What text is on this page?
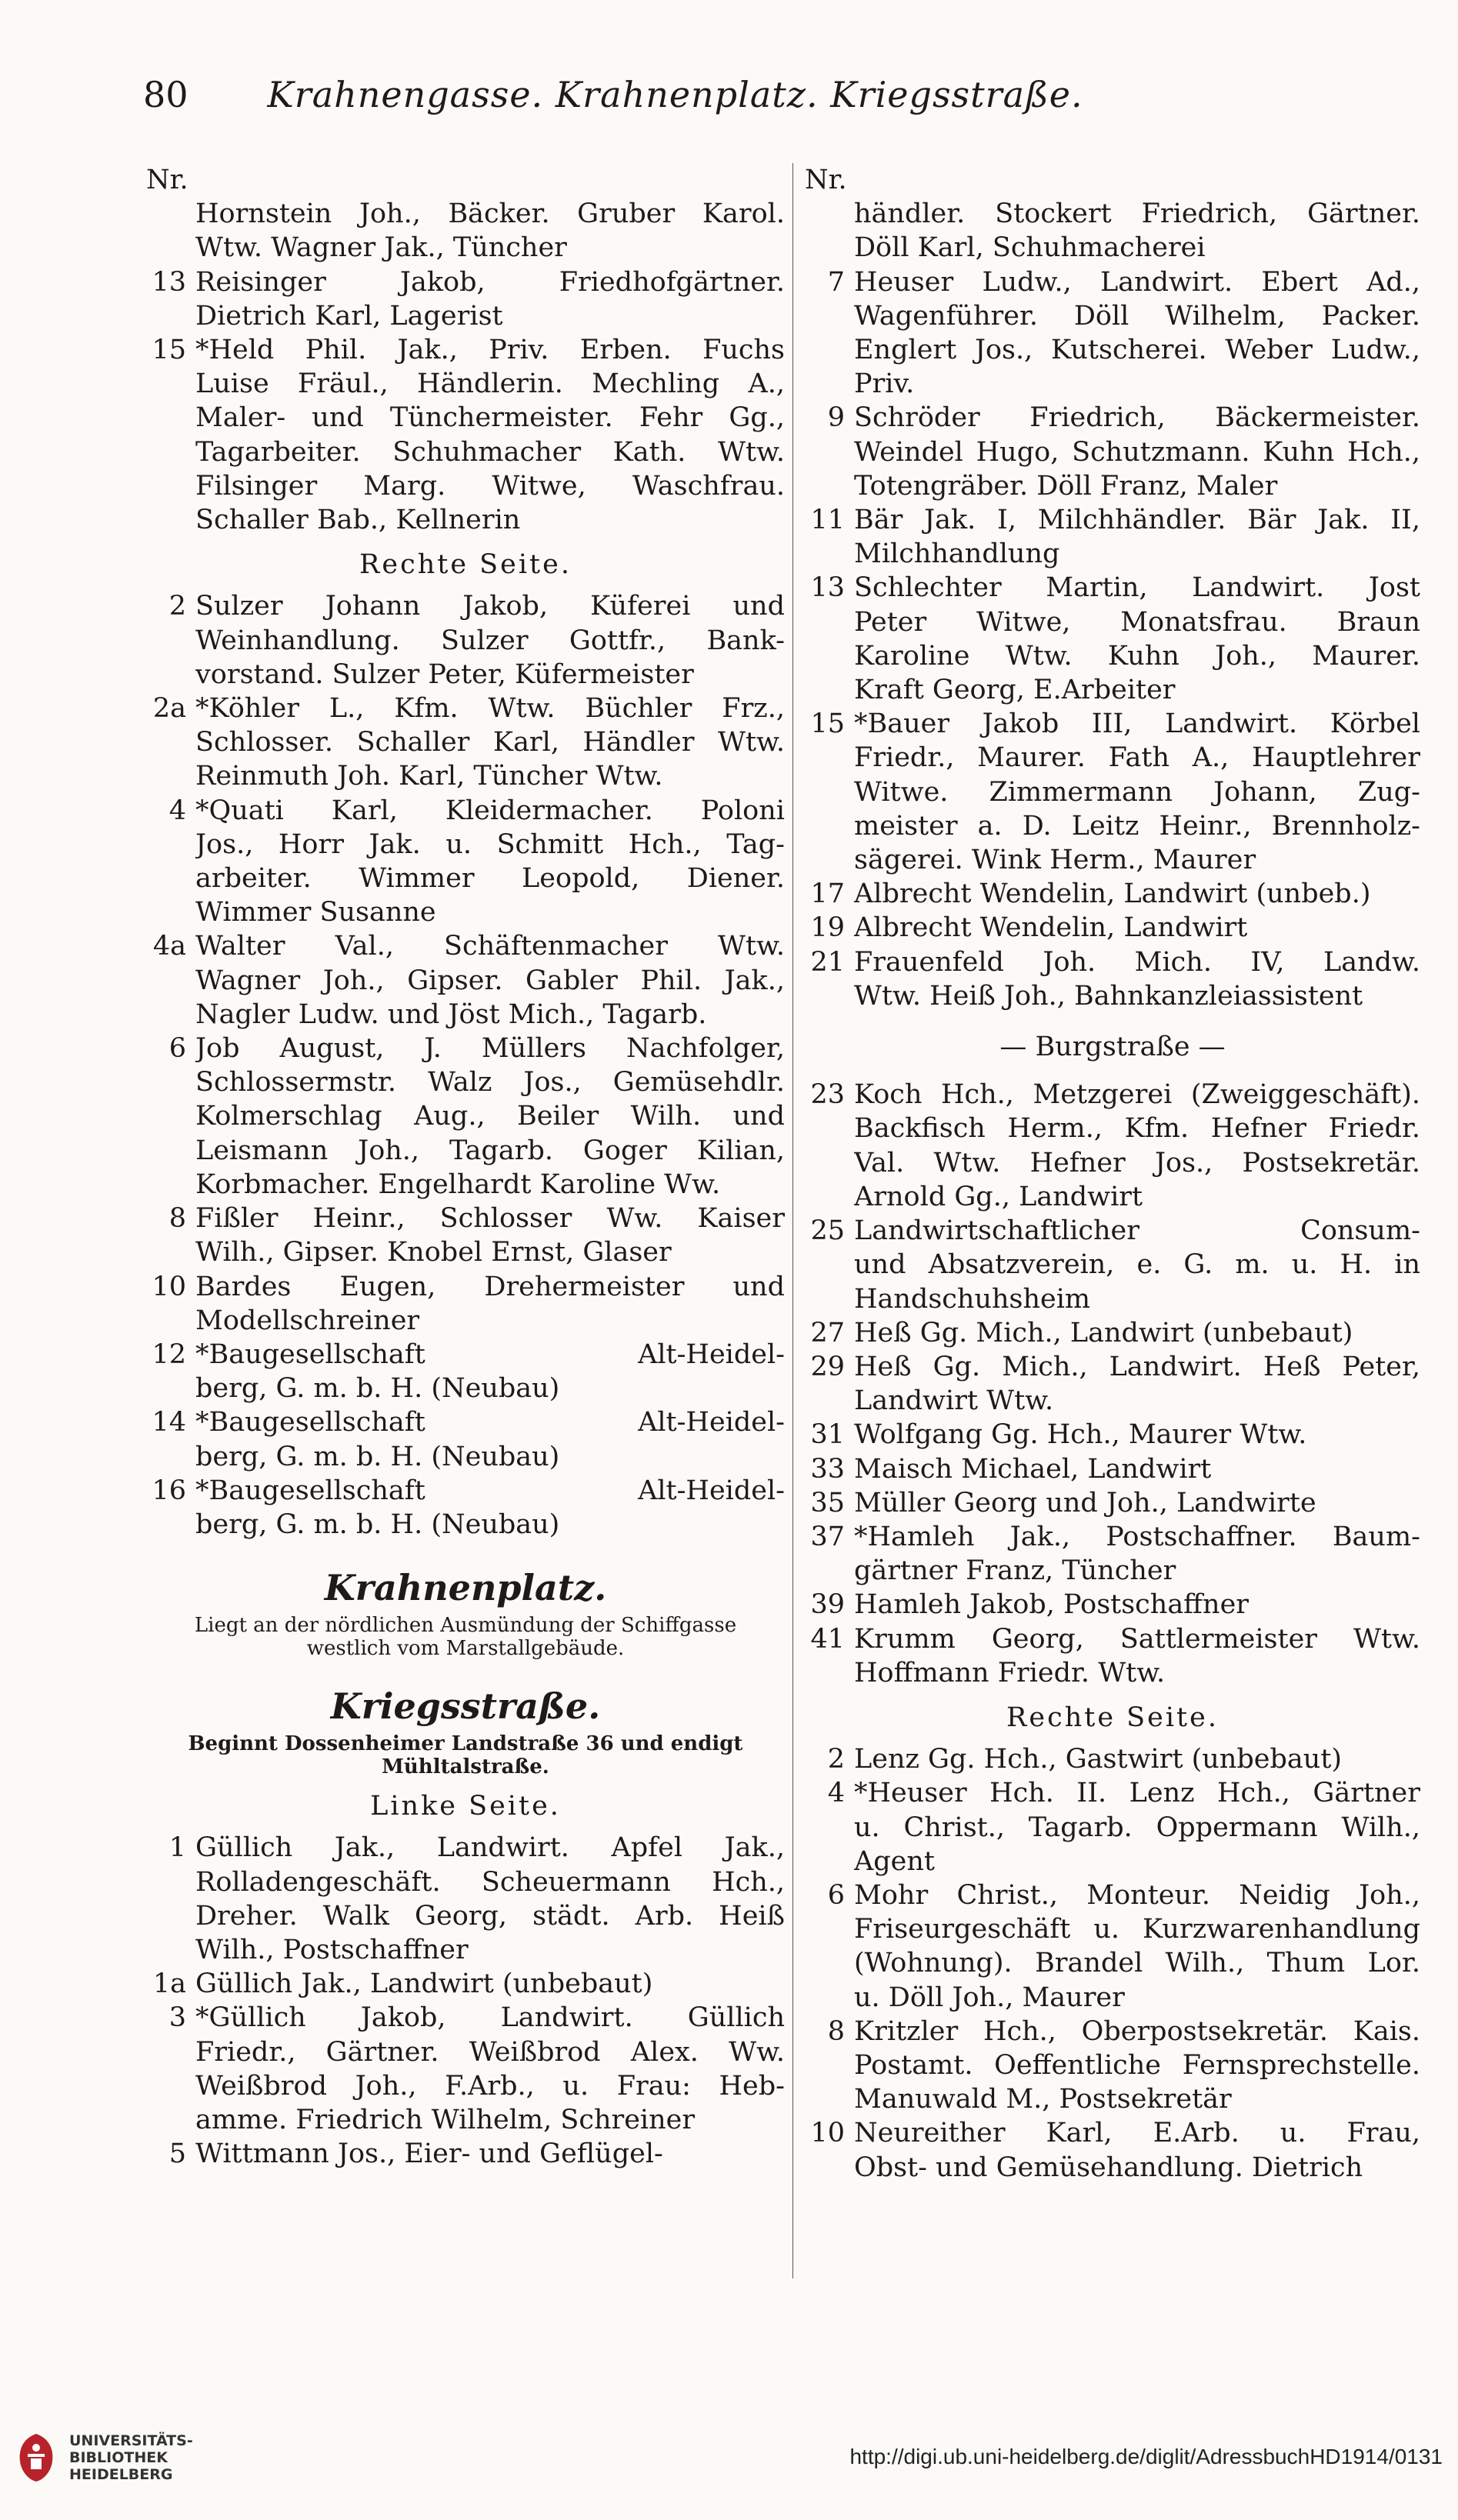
80	Krahnengasse. Krahnenplatz. Kriegsstraße.
Nr.
Hornstein Joh., Bäcker. Gruber Karol.
Wtw. Wagner Jak., Tüncher
13 Reisinger Jakob, Friedhofgärtner.
Dietrich Karl, Lagerist
15 *Held Phil. Jak., Priv. Erben. Fuchs
Luise Fräul., Händlerin. Mechling A.,
Maler- und Tünchermeister. Fehr Gg.,
Tagarbeiter. Schuhmacher Kath. Wtw.
Filsinger Marg. Witwe, Waschfrau.
Schaller Bab., Kellnerin
Rechte Seite.
2 Sulzer Johann Jakob, Küferei und
Weinhandlung. Sulzer Gottfr., Bank-
vorstand. Sulzer Peter, Küfermeister
2a *Köhler L., Kfm. Wtw. Büchler Frz.,
Schlosser. Schaller Karl, Händler Wtw.
Reinmuth Joh. Karl, Tüncher Wtw.
4 *Quati Karl, Kleidermacher. Poloni
Jos., Horr Jak. u. Schmitt Hch., Tag-
arbeiter. Wimmer Leopold, Diener.
Wimmer Susanne
4a Walter Val., Schäftenmacher Wtw.
Wagner Joh., Gipser. Gabler Phil. Jak.,
Nagler Ludw. und Jöst Mich., Tagarb.
6 Job August, J. Müllers Nachfolger,
Schlossermstr. Walz Jos., Gemüsehdlr.
Kolmerschlag Aug., Beiler Wilh. und
Leismann Joh., Tagarb. Goger Kilian,
Korbmacher. Engelhardt Karoline Ww.
8 Fißler Heinr., Schlosser Ww. Kaiser
Wilh., Gipser. Knobel Ernst, Glaser
10 Bardes Eugen, Drehermeister und
Modellschreiner
12 *Baugesellschaft Alt-Heidel-
berg, G. m. b. H. (Neubau)
14 *Baugesellschaft Alt-Heidel-
berg, G. m. b. H. (Neubau)
16 *Baugesellschaft Alt-Heidel-
berg, G. m. b. H. (Neubau)
Krahnenplatz.
Liegt an der nördlichen Ausmündung der Schiffgasse
westlich vom Marstallgebäude.
Kriegsstraße.
Beginnt Dossenheimer Landstraße 36 und endigt
Mühltalstraße.
Linke Seite.
1 Güllich Jak., Landwirt. Apfel Jak.,
Rolladengeschäft. Scheuermann Hch.,
Dreher. Walk Georg, städt. Arb. Heiß
Wilh., Postschaffner
1a Güllich Jak., Landwirt (unbebaut)
3 *Güllich Jakob, Landwirt. Güllich
Friedr., Gärtner. Weißbrod Alex. Ww.
Weißbrod Joh., F.Arb., u. Frau: Heb-
amme. Friedrich Wilhelm, Schreiner
5 Wittmann Jos., Eier- und Geflügel-
Nr.
händler. Stockert Friedrich, Gärtner.
Döll Karl, Schuhmacherei
7 Heuser Ludw., Landwirt. Ebert Ad.,
Wagenführer. Döll Wilhelm, Packer.
Englert Jos., Kutscherei. Weber Ludw.,
Priv.
9 Schröder Friedrich, Bäckermeister.
Weindel Hugo, Schutzmann. Kuhn Hch.,
Totengräber. Döll Franz, Maler
11 Bär Jak. I, Milchhändler. Bär Jak. II,
Milchhandlung
13 Schlechter Martin, Landwirt. Jost
Peter Witwe, Monatsfrau. Braun
Karoline Wtw. Kuhn Joh., Maurer.
Kraft Georg, E.Arbeiter
15 *Bauer Jakob III, Landwirt. Körbel
Friedr., Maurer. Fath A., Hauptlehrer
Witwe. Zimmermann Johann, Zug-
meister a. D. Leitz Heinr., Brennholz-
sägerei. Wink Herm., Maurer
17 Albrecht Wendelin, Landwirt (unbeb.)
19 Albrecht Wendelin, Landwirt
21 Frauenfeld Joh. Mich. IV, Landw.
Wtw. Heiß Joh., Bahnkanzleiassistent
— Burgstraße —
23 Koch Hch., Metzgerei (Zweiggeschäft).
Backfisch Herm., Kfm. Hefner Friedr.
Val. Wtw. Hefner Jos., Postsekretär.
Arnold Gg., Landwirt
25 Landwirtschaftlicher Consum-
und Absatzverein, e. G. m. u. H. in
Handschuhsheim
27 Heß Gg. Mich., Landwirt (unbebaut)
29 Heß Gg. Mich., Landwirt. Heß Peter,
Landwirt Wtw.
31 Wolfgang Gg. Hch., Maurer Wtw.
33 Maisch Michael, Landwirt
35 Müller Georg und Joh., Landwirte
37 *Hamleh Jak., Postschaffner. Baum-
gärtner Franz, Tüncher
39 Hamleh Jakob, Postschaffner
41 Krumm Georg, Sattlermeister Wtw.
Hoffmann Friedr. Wtw.
Rechte Seite.
2 Lenz Gg. Hch., Gastwirt (unbebaut)
4 *Heuser Hch. II. Lenz Hch., Gärtner
u. Christ., Tagarb. Oppermann Wilh.,
Agent
6 Mohr Christ., Monteur. Neidig Joh.,
Friseurgeschäft u. Kurzwarenhandlung
(Wohnung). Brandel Wilh., Thum Lor.
u. Döll Joh., Maurer
8 Kritzler Hch., Oberpostsekretär. Kais.
Postamt. Oeffentliche Fernsprechstelle.
Manuwald M., Postsekretär
10 Neureither Karl, E.Arb. u. Frau,
Obst- und Gemüsehandlung. Dietrich
UNIVERSITÄTS-
BIBLIOTHEK
HEIDELBERG
http://digi.ub.uni-heidelberg.de/diglit/AdressbuchHD1914/0131
